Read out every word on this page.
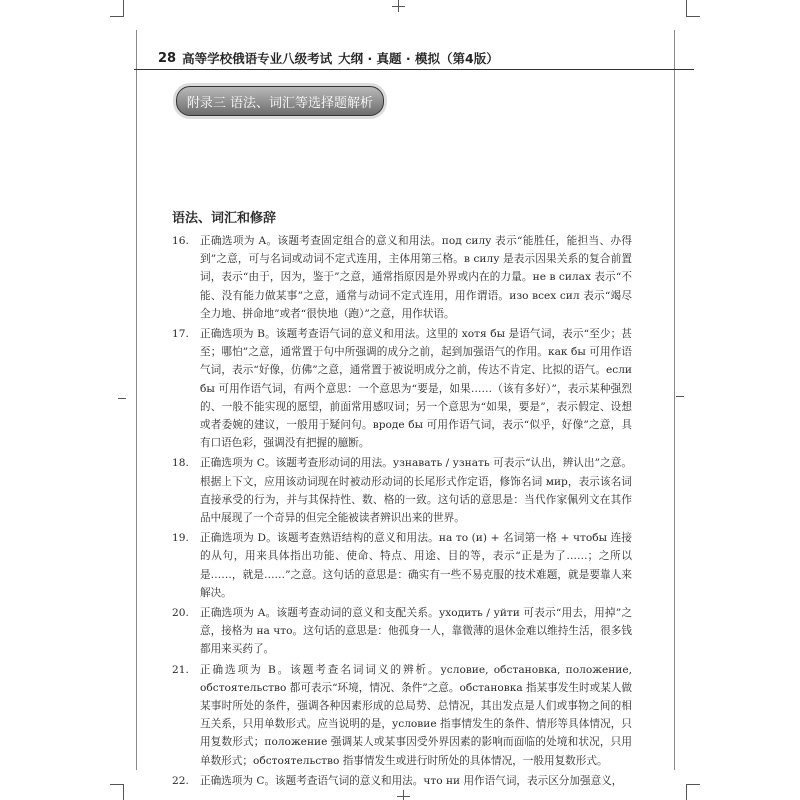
28 高等学校俄语专业八级考试 大纲 · 真题 · 模拟（第4版）
附录三 语法、词汇等选择题解析
语法、词汇和修辞
16.	正确选项为 A。该题考查固定组合的意义和用法。под силу 表示“能胜任，能担当、办得到”之意，可与名词或动词不定式连用，主体用第三格。в силу 是表示因果关系的复合前置词，表示“由于，因为，鉴于”之意，通常指原因是外界或内在的力量。не в силах 表示“不能、没有能力做某事”之意，通常与动词不定式连用，用作谓语。изо всех сил 表示“竭尽全力地、拼命地”或者“很快地（跑）”之意，用作状语。
17.	正确选项为 B。该题考查语气词的意义和用法。这里的 хотя бы 是语气词，表示“至少；甚至；哪怕”之意，通常置于句中所强调的成分之前，起到加强语气的作用。как бы 可用作语气词，表示“好像，仿佛”之意，通常置于被说明成分之前，传达不肯定、比拟的语气。если бы 可用作语气词，有两个意思：一个意思为“要是，如果……（该有多好）”，表示某种强烈的、一般不能实现的愿望，前面常用感叹词；另一个意思为“如果，要是”，表示假定、设想或者委婉的建议，一般用于疑问句。вроде бы 可用作语气词，表示“似乎，好像”之意，具有口语色彩，强调没有把握的臆断。
18.	正确选项为 C。该题考查形动词的用法。узнавать / узнать 可表示“认出，辨认出”之意。根据上下文，应用该动词现在时被动形动词的长尾形式作定语，修饰名词 мир，表示该名词直接承受的行为，并与其保持性、数、格的一致。这句话的意思是：当代作家佩列文在其作品中展现了一个奇异的但完全能被读者辨识出来的世界。
19.	正确选项为 D。该题考查熟语结构的意义和用法。на то (и) + 名词第一格 + чтобы 连接的从句，用来具体指出功能、使命、特点、用途、目的等，表示“正是为了……；之所以是……，就是……”之意。这句话的意思是：确实有一些不易克服的技术难题，就是要靠人来解决。
20.	正确选项为 A。该题考查动词的意义和支配关系。уходить / уйти 可表示“用去，用掉”之意，接格为 на что。这句话的意思是：他孤身一人，靠微薄的退休金难以维持生活，很多钱都用来买药了。
21.	正确选项为 B。该题考查名词词义的辨析。условие, обстановка, положение, обстоятельство 都可表示“环境，情况、条件”之意。обстановка 指某事发生时或某人做某事时所处的条件，强调各种因素形成的总局势、总情况，其出发点是人们或事物之间的相互关系，只用单数形式。应当说明的是，условие 指事情发生的条件、情形等具体情况，只用复数形式；положение 强调某人或某事因受外界因素的影响而面临的处境和状况，只用单数形式；обстоятельство 指事情发生或进行时所处的具体情况，一般用复数形式。
22.	正确选项为 C。该题考查语气词的意义和用法。что ни 用作语气词，表示区分加强意义，
